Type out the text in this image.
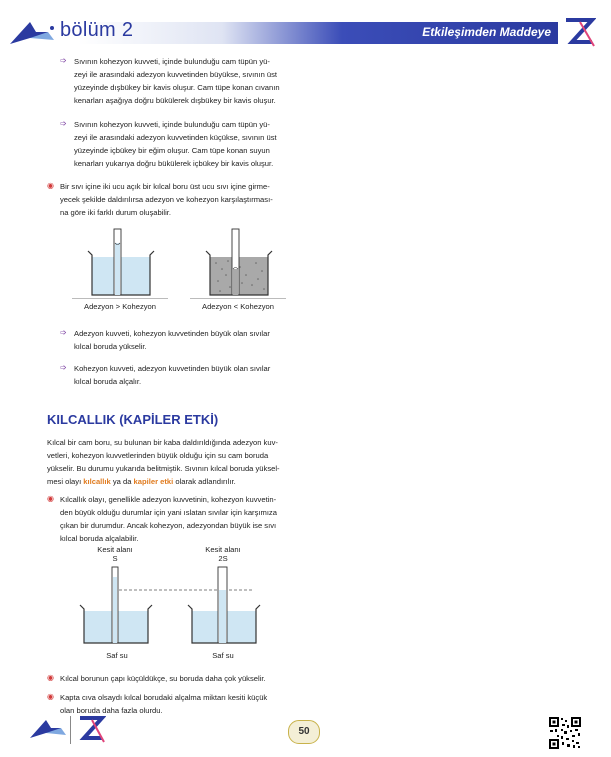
bölüm 2	Etkileşimden Maddeye
➩ Sıvının kohezyon kuvveti, içinde bulunduğu cam tüpün yü-
zeyi ile arasındaki adezyon kuvvetinden büyükse, sıvının üst
yüzeyinde dışbükey bir kavis oluşur. Cam tüpe konan cıvanın
kenarları aşağıya doğru bükülerek dışbükey bir kavis oluşur.
➩ Sıvının kohezyon kuvveti, içinde bulunduğu cam tüpün yü-
zeyi ile arasındaki adezyon kuvvetinden küçükse, sıvının üst
yüzeyinde içbükey bir eğim oluşur. Cam tüpe konan suyun
kenarları yukarıya doğru bükülerek içbükey bir kavis oluşur.
◉ Bir sıvı içine iki ucu açık bir kılcal boru üst ucu sıvı içine girme-
yecek şekilde daldırılırsa adezyon ve kohezyon karşılaştırması-
na göre iki farklı durum oluşabilir.
Adezyon > Kohezyon	Adezyon < Kohezyon
➩ Adezyon kuvveti, kohezyon kuvvetinden büyük olan sıvılar
kılcal boruda yükselir.
➩ Kohezyon kuvveti, adezyon kuvvetinden büyük olan sıvılar
kılcal boruda alçalır.
KILCALLIK (KAPİLER ETKİ)
Kılcal bir cam boru, su bulunan bir kaba daldırıldığında adezyon kuv-
vetleri, kohezyon kuvvetlerinden büyük olduğu için su cam boruda
yükselir. Bu durumu yukarıda belitmiştik. Sıvının kılcal boruda yüksel-
mesi olayı kılcallık ya da kapiler etki olarak adlandırılır.
◉ Kılcallık olayı, genellikle adezyon kuvvetinin, kohezyon kuvvetin-
den büyük olduğu durumlar için yani ıslatan sıvılar için karşımıza
çıkan bir durumdur. Ancak kohezyon, adezyondan büyük ise sıvı
kılcal boruda alçalabilir.
Kesit alanı
S
Kesit alanı
2S
Saf su	Saf su
◉ Kılcal borunun çapı küçüldükçe, su boruda daha çok yükselir.
◉ Kapta cıva olsaydı kılcal borudaki alçalma miktarı kesiti küçük
olan boruda daha fazla olurdu.
50
